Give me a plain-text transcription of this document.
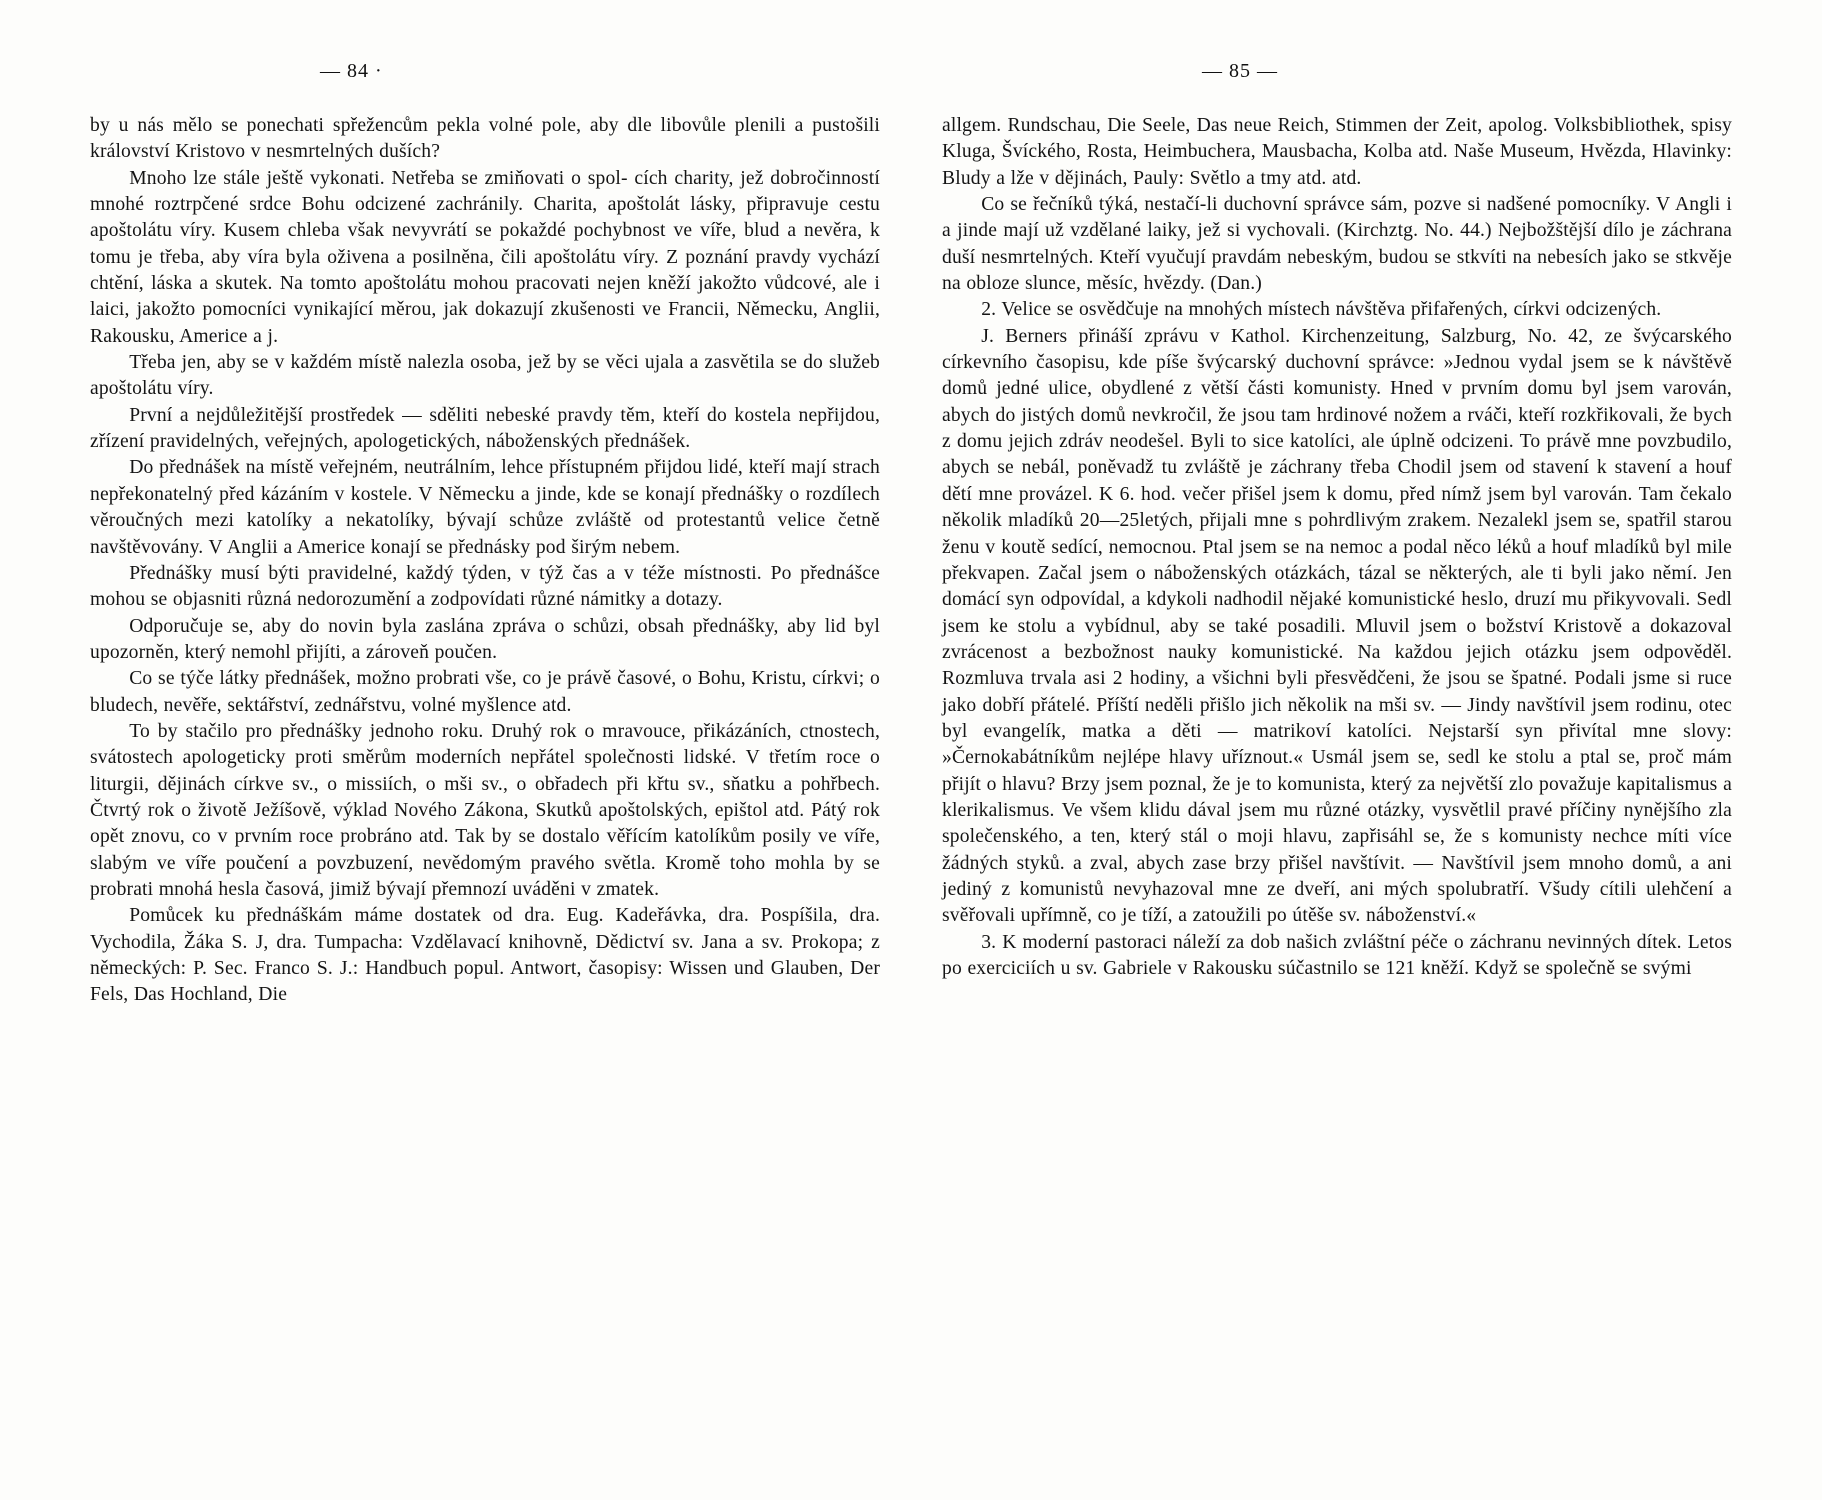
— 84 ·

by u nás mělo se ponechati spřežencům pekla volné pole, aby dle libovůle plenili a pustošili království Kristovo v nesmrtelných duších?

Mnoho lze stále ještě vykonati. Netřeba se zmiňovati o spol- cích charity, jež dobročinností mnohé roztrpčené srdce Bohu odcizené zachránily. Charita, apoštolát lásky, připravuje cestu apoštolátu víry. Kusem chleba však nevyvrátí se pokaždé pochybnost ve víře, blud a nevěra, k tomu je třeba, aby víra byla oživena a posilněna, čili apoštolátu víry. Z poznání pravdy vychází chtění, láska a skutek. Na tomto apoštolátu mohou pracovati nejen kněží jakožto vůdcové, ale i laici, jakožto pomocníci vynikající měrou, jak dokazují zkušenosti ve Francii, Německu, Anglii, Rakousku, Americe a j.

Třeba jen, aby se v každém místě nalezla osoba, jež by se věci ujala a zasvětila se do služeb apoštolátu víry.

První a nejdůležitější prostředek — sděliti nebeské pravdy těm, kteří do kostela nepřijdou, zřízení pravidelných, veřejných, apologetických, náboženských přednášek.

Do přednášek na místě veřejném, neutrálním, lehce přístupném přijdou lidé, kteří mají strach nepřekonatelný před kázáním v kostele. V Německu a jinde, kde se konají přednášky o rozdílech věroučných mezi katolíky a nekatolíky, bývají schůze zvláště od protestantů velice četně navštěvovány. V Anglii a Americe konají se přednásky pod širým nebem.

Přednášky musí býti pravidelné, každý týden, v týž čas a v téže místnosti. Po přednášce mohou se objasniti různá nedorozumění a zodpovídati různé námitky a dotazy.

Odporučuje se, aby do novin byla zaslána zpráva o schůzi, obsah přednášky, aby lid byl upozorněn, který nemohl přijíti, a zároveň poučen.

Co se týče látky přednášek, možno probrati vše, co je právě časové, o Bohu, Kristu, církvi; o bludech, nevěře, sektářství, zednářstvu, volné myšlence atd.

To by stačilo pro přednášky jednoho roku. Druhý rok o mravouce, přikázáních, ctnostech, svátostech apologeticky proti směrům moderních nepřátel společnosti lidské. V třetím roce o liturgii, dějinách církve sv., o missiích, o mši sv., o obřadech při křtu sv., sňatku a pohřbech. Čtvrtý rok o životě Ježíšově, výklad Nového Zákona, Skutků apoštolských, epištol atd. Pátý rok opět znovu, co v prvním roce probráno atd. Tak by se dostalo věřícím katolíkům posily ve víře, slabým ve víře poučení a povzbuzení, nevědomým pravého světla. Kromě toho mohla by se probrati mnohá hesla časová, jimiž bývají přemnozí uváděni v zmatek.

Pomůcek ku přednáškám máme dostatek od dra. Eug. Kadeřávka, dra. Pospíšila, dra. Vychodila, Žáka S. J, dra. Tumpacha: Vzdělavací knihovně, Dědictví sv. Jana a sv. Prokopa; z německých: P. Sec. Franco S. J.: Handbuch popul. Antwort, časopisy: Wissen und Glauben, Der Fels, Das Hochland, Die

— 85 —

allgem. Rundschau, Die Seele, Das neue Reich, Stimmen der Zeit, apolog. Volksbibliothek, spisy Kluga, Švíckého, Rosta, Heimbuchera, Mausbacha, Kolba atd. Naše Museum, Hvězda, Hlavinky: Bludy a lže v dějinách, Pauly: Světlo a tmy atd. atd.

Co se řečníků týká, nestačí-li duchovní správce sám, pozve si nadšené pomocníky. V Angli i a jinde mají už vzdělané laiky, jež si vychovali. (Kirchztg. No. 44.) Nejbožštější dílo je záchrana duší nesmrtelných. Kteří vyučují pravdám nebeským, budou se stkvíti na nebesích jako se stkvěje na obloze slunce, měsíc, hvězdy. (Dan.)

2. Velice se osvědčuje na mnohých místech návštěva přifařených, církvi odcizených.

J. Berners přináší zprávu v Kathol. Kirchenzeitung, Salzburg, No. 42, ze švýcarského církevního časopisu, kde píše švýcarský duchovní správce: »Jednou vydal jsem se k návštěvě domů jedné ulice, obydlené z větší části komunisty. Hned v prvním domu byl jsem varován, abych do jistých domů nevkročil, že jsou tam hrdinové nožem a rváči, kteří rozkřikovali, že bych z domu jejich zdráv neodešel. Byli to sice katolíci, ale úplně odcizeni. To právě mne povzbudilo, abych se nebál, poněvadž tu zvláště je záchrany třeba Chodil jsem od stavení k stavení a houf dětí mne provázel. K 6. hod. večer přišel jsem k domu, před nímž jsem byl varován. Tam čekalo několik mladíků 20—25letých, přijali mne s pohrdlivým zrakem. Nezalekl jsem se, spatřil starou ženu v koutě sedící, nemocnou. Ptal jsem se na nemoc a podal něco léků a houf mladíků byl mile překvapen. Začal jsem o náboženských otázkách, tázal se některých, ale ti byli jako němí. Jen domácí syn odpovídal, a kdykoli nadhodil nějaké komunistické heslo, druzí mu přikyvovali. Sedl jsem ke stolu a vybídnul, aby se také posadili. Mluvil jsem o božství Kristově a dokazoval zvrácenost a bezbožnost nauky komunistické. Na každou jejich otázku jsem odpověděl. Rozmluva trvala asi 2 hodiny, a všichni byli přesvědčeni, že jsou se špatné. Podali jsme si ruce jako dobří přátelé. Příští neděli přišlo jich několik na mši sv. — Jindy navštívil jsem rodinu, otec byl evangelík, matka a děti — matrikoví katolíci. Nejstarší syn přivítal mne slovy: »Černokabátníkům nejlépe hlavy uříznout.« Usmál jsem se, sedl ke stolu a ptal se, proč mám přijít o hlavu? Brzy jsem poznal, že je to komunista, který za největší zlo považuje kapitalismus a klerikalismus. Ve všem klidu dával jsem mu různé otázky, vysvětlil pravé příčiny nynějšího zla společenského, a ten, který stál o moji hlavu, zapřisáhl se, že s komunisty nechce míti více žádných styků. a zval, abych zase brzy přišel navštívit. — Navštívil jsem mnoho domů, a ani jediný z komunistů nevyhazoval mne ze dveří, ani mých spolubratří. Všudy cítili ulehčení a svěřovali upřímně, co je tíží, a zatoužili po útěše sv. náboženství.«

3. K moderní pastoraci náleží za dob našich zvláštní péče o záchranu nevinných dítek. Letos po exerciciích u sv. Gabriele v Rakousku súčastnilo se 121 kněží. Když se společně se svými
